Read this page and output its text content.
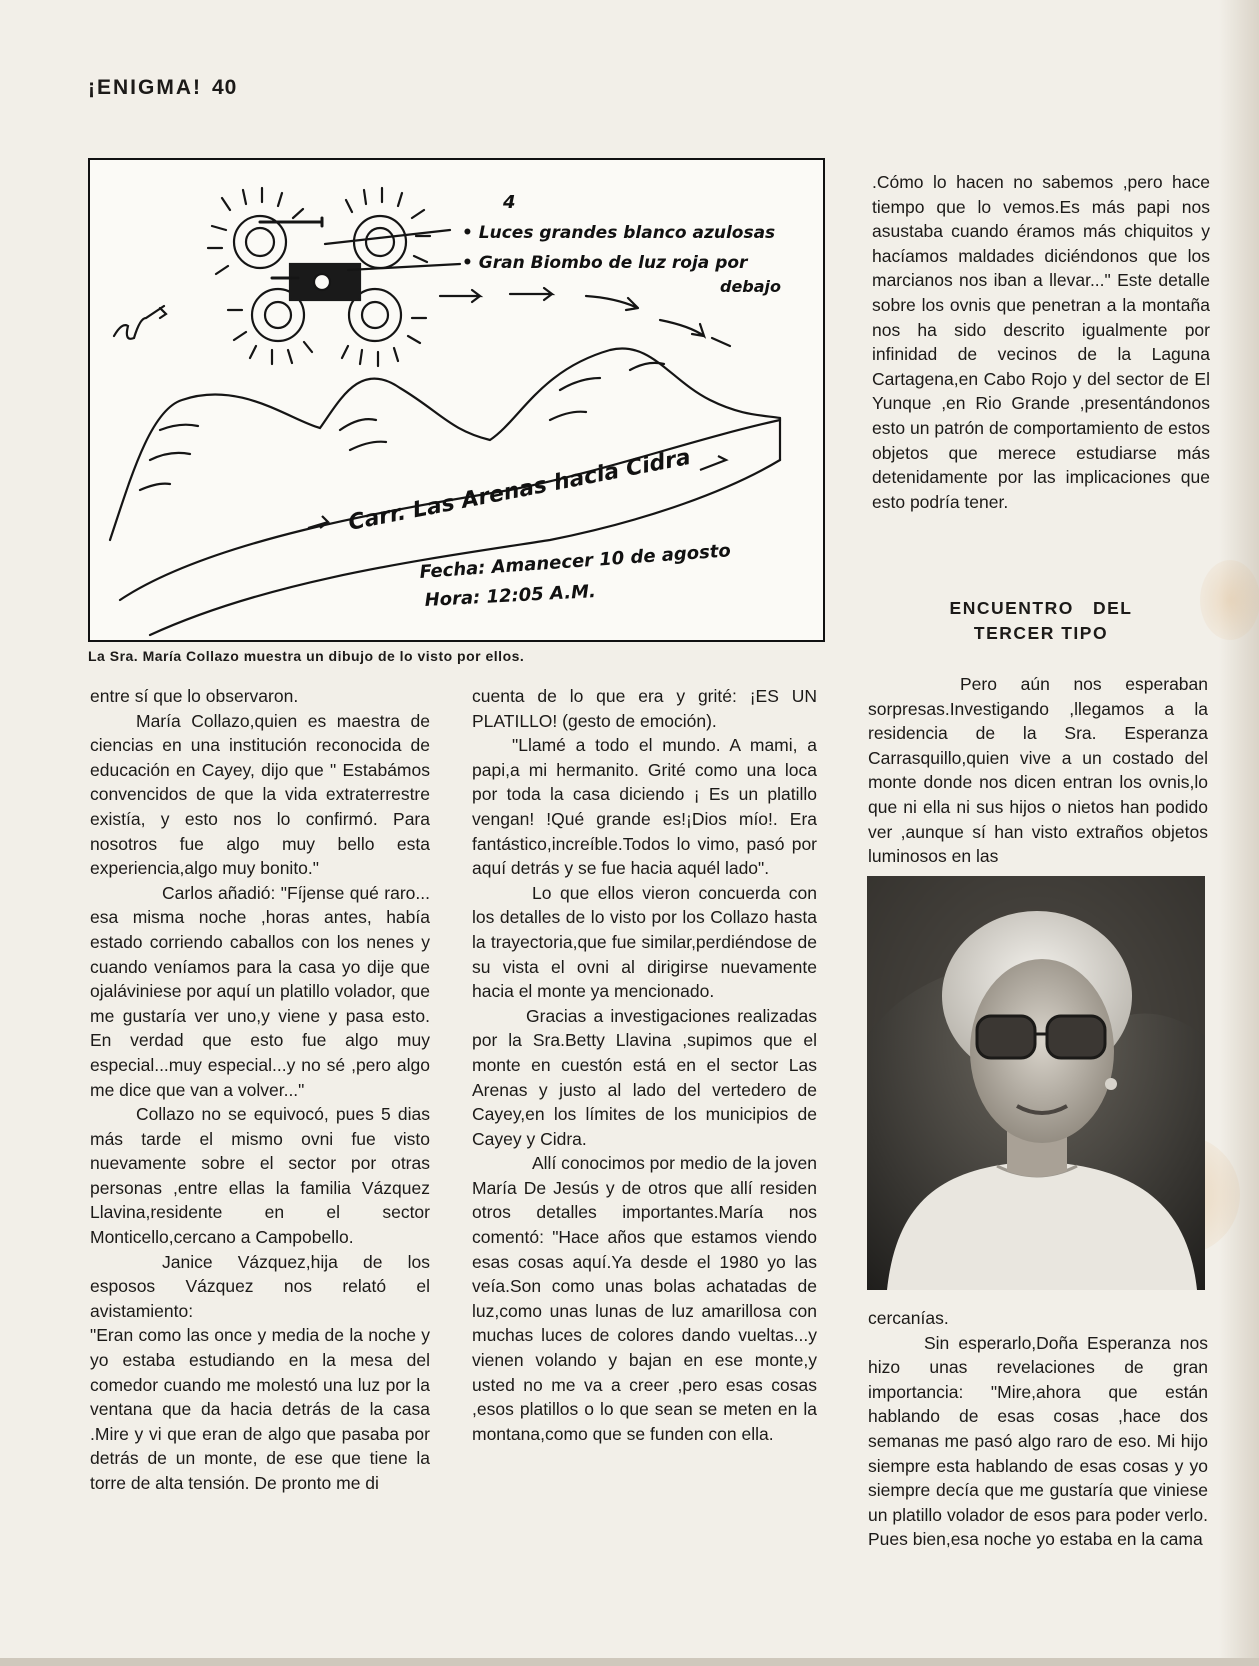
¡ENIGMA! 40
4
• Luces grandes blanco azulosas
• Gran Biombo de luz roja por
debajo
Carr. Las Arenas hacia Cidra
Fecha: Amanecer 10 de agosto
Hora: 12:05 A.M.
La Sra. María Collazo muestra un dibujo de lo visto por ellos.

entre sí que lo observaron.

María Collazo,quien es maestra de ciencias en una institución reconocida de educación en Cayey, dijo que " Estabámos convencidos de que la vida extraterrestre existía, y esto nos lo confirmó. Para nosotros fue algo muy bello esta experiencia,algo muy bonito."

Carlos añadió: "Fíjense qué raro... esa misma noche ,horas antes, había estado corriendo caballos con los nenes y cuando veníamos para la casa yo dije que ojaláviniese por aquí un platillo volador, que me gustaría ver uno,y viene y pasa esto. En verdad que esto fue algo muy especial...muy especial...y no sé ,pero algo me dice que van a volver..."

Collazo no se equivocó, pues 5 dias más tarde el mismo ovni fue visto nuevamente sobre el sector por otras personas ,entre ellas la familia Vázquez Llavina,residente en el sector Monticello,cercano a Campobello.

Janice Vázquez,hija de los esposos Vázquez nos relató el avistamiento:

"Eran como las once y media de la noche y yo estaba estudiando en la mesa del comedor cuando me molestó una luz por la ventana que da hacia detrás de la casa .Mire y vi que eran de algo que pasaba por detrás de un monte, de ese que tiene la torre de alta tensión. De pronto me di

cuenta de lo que era y grité: ¡ES UN PLATILLO! (gesto de emoción).

"Llamé a todo el mundo. A mami, a papi,a mi hermanito. Grité como una loca por toda la casa diciendo ¡ Es un platillo vengan! !Qué grande es!¡Dios mío!. Era fantástico,increíble.Todos lo vimo, pasó por aquí detrás y se fue hacia aquél lado".

Lo que ellos vieron concuerda con los detalles de lo visto por los Collazo hasta la trayectoria,que fue similar,perdiéndose de su vista el ovni al dirigirse nuevamente hacia el monte ya mencionado.

Gracias a investigaciones realizadas por la Sra.Betty Llavina ,supimos que el monte en cuestón está en el sector Las Arenas y justo al lado del vertedero de Cayey,en los límites de los municipios de Cayey y Cidra.

Allí conocimos por medio de la joven María De Jesús y de otros que allí residen otros detalles importantes.María nos comentó: "Hace años que estamos viendo esas cosas aquí.Ya desde el 1980 yo las veía.Son como unas bolas achatadas de luz,como unas lunas de luz amarillosa con muchas luces de colores dando vueltas...y vienen volando y bajan en ese monte,y usted no me va a creer ,pero esas cosas ,esos platillos o lo que sean se meten en la montana,como que se funden con ella.

.Cómo lo hacen no sabemos ,pero hace tiempo que lo vemos.Es más papi nos asustaba cuando éramos más chiquitos y hacíamos maldades diciéndonos que los marcianos nos iban a llevar..." Este detalle sobre los ovnis que penetran a la montaña nos ha sido descrito igualmente por infinidad de vecinos de la Laguna Cartagena,en Cabo Rojo y del sector de El Yunque ,en Rio Grande ,presentándonos esto un patrón de comportamiento de estos objetos que merece estudiarse más detenidamente por las implicaciones que esto podría tener.

ENCUENTRO   DEL
TERCER TIPO

Pero aún nos esperaban sorpresas.Investigando ,llegamos a la residencia de la Sra. Esperanza Carrasquillo,quien vive a un costado del monte donde nos dicen entran los ovnis,lo que ni ella ni sus hijos o nietos han podido ver ,aunque sí han visto extraños objetos luminosos en las

cercanías.

Sin esperarlo,Doña Esperanza nos hizo unas revelaciones de gran importancia: "Mire,ahora que están hablando de esas cosas ,hace dos semanas me pasó algo raro de eso. Mi hijo siempre esta hablando de esas cosas y yo siempre decía que me gustaría que viniese un platillo volador de esos para poder verlo. Pues bien,esa noche yo estaba en la cama
